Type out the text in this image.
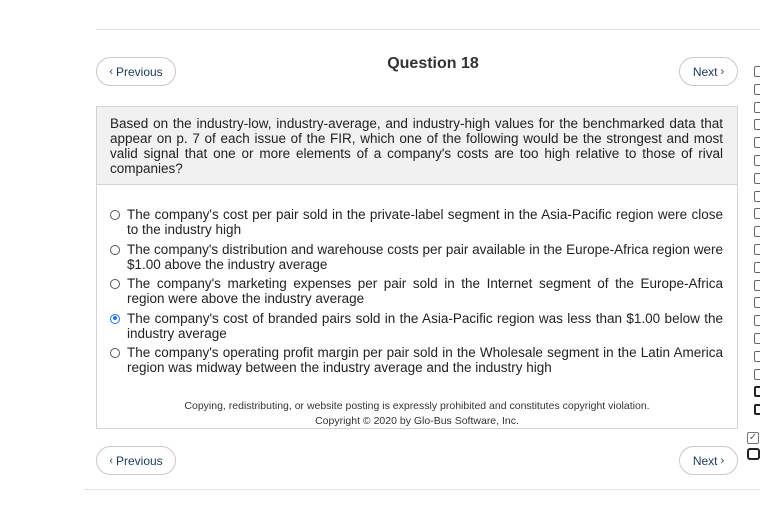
‹ Previous	Question 18	Next ›
Based on the industry-low, industry-average, and industry-high values for the benchmarked data that appear on p. 7 of each issue of the FIR, which one of the following would be the strongest and most valid signal that one or more elements of a company's costs are too high relative to those of rival companies?
The company's cost per pair sold in the private-label segment in the Asia-Pacific region were close to the industry high
The company's distribution and warehouse costs per pair available in the Europe-Africa region were $1.00 above the industry average
The company's marketing expenses per pair sold in the Internet segment of the Europe-Africa region were above the industry average
The company's cost of branded pairs sold in the Asia-Pacific region was less than $1.00 below the industry average
The company's operating profit margin per pair sold in the Wholesale segment in the Latin America region was midway between the industry average and the industry high
Copying, redistributing, or website posting is expressly prohibited and constitutes copyright violation.
Copyright © 2020 by Glo-Bus Software, Inc.
‹ Previous	Next ›
✓
